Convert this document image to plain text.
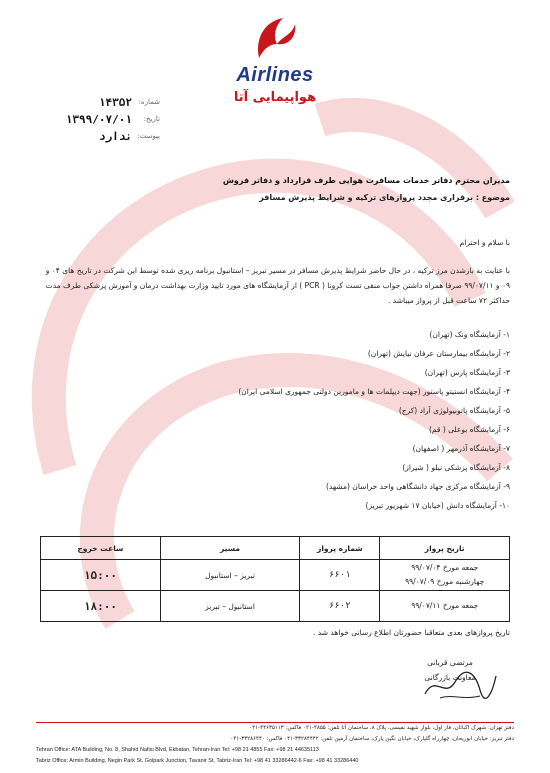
Airlines
هواپیمایی آتا
شماره:
۱۴۳۵۲
تاریخ:
۱۳۹۹/۰۷/۰۱
پیوست:
ندارد
مدیران محترم دفاتر خدمات مسافرت هوایی طرف قرارداد و دفاتر فروش
موضوع : برقراری مجدد پروازهای ترکیه و شرایط پذیرش مسافر
با سلام و احترام
با عنایت به بازشدن مرز ترکیه ، در حال حاضر شرایط پذیرش مسافر در مسیر تبریز – استانبول برنامه ریزی شده توسط این شرکت در تاریخ های ۰۴ و ۰۹ و ۹۹/۰۷/۱۱ صرفا همراه داشتن جواب منفی تست کرونا ( PCR ) از آزمایشگاه های مورد تایید وزارت بهداشت درمان و آموزش پزشکی طرف مدت حداکثر ۷۲ ساعت قبل از پرواز میباشد .
۱- آزمایشگاه ونک (تهران)
۲- آزمایشگاه بیمارستان عرفان نیایش (تهران)
۳- آزمایشگاه پارس (تهران)
۴- آزمایشگاه انستیتو پاستور (جهت دیپلمات ها و مامورین دولتی جمهوری اسلامی ایران)
۵- آزمایشگاه پاتوبیولوژی آراد (کرج)
۶- آزمایشگاه بوعلی ( قم)
۷- آزمایشگاه آذرمهر ( اصفهان)
۸- آزمایشگاه پزشکی نیلو ( شیراز)
۹- آزمایشگاه مرکزی جهاد دانشگاهی واحد خراسان (مشهد)
۱۰- آزمایشگاه دانش (خیابان ۱۷ شهریور تبریز)
تاریخ پرواز	شماره پرواز	مسیر	ساعت خروج

جمعه مورخ ۹۹/۰۷/۰۴
چهارشنبه مورخ ۹۹/۰۷/۰۹	۶۶۰۱	تبریز – استانبول	۱۵:۰۰

جمعه مورخ ۹۹/۰۷/۱۱	۶۶۰۲	استانبول – تبریز	۱۸:۰۰
تاریخ پروازهای بعدی متعاقبا حضورتان اطلاع رسانی خواهد شد .
مرتضی قربانی
معاونت بازرگانی
دفتر تهران: شهرک اکباتان، فاز اول، بلوار شهید نفیسی، پلاک ۸، ساختمان آتا تلفن: ۴۸۵۵-۰۲۱ فاکس: ۴۴۶۳۵۱۱۳-۰۲۱
دفتر تبریز: خیابان ابوریحان، چهارراه گلپارک، خیابان نگین پارک، ساختمان آرمین تلفن: ۳۳۲۸۴۴۴۲-۰۴۱ فاکس: ۳۳۲۸۶۴۴۰-۰۴۱
Tehran Office: ATA Building, No. 8, Shahid Nafisi Blvd, Ekbatan, Tehran-Iran Tel: +98 21 4855 Fax: +98 21 44635113
Tabriz Office: Armin Building, Negin Park St, Golpark Junction, Tavanir St, Tabriz-Iran Tel: +98 41 33286442-6 Fax: +98 41 33286440
